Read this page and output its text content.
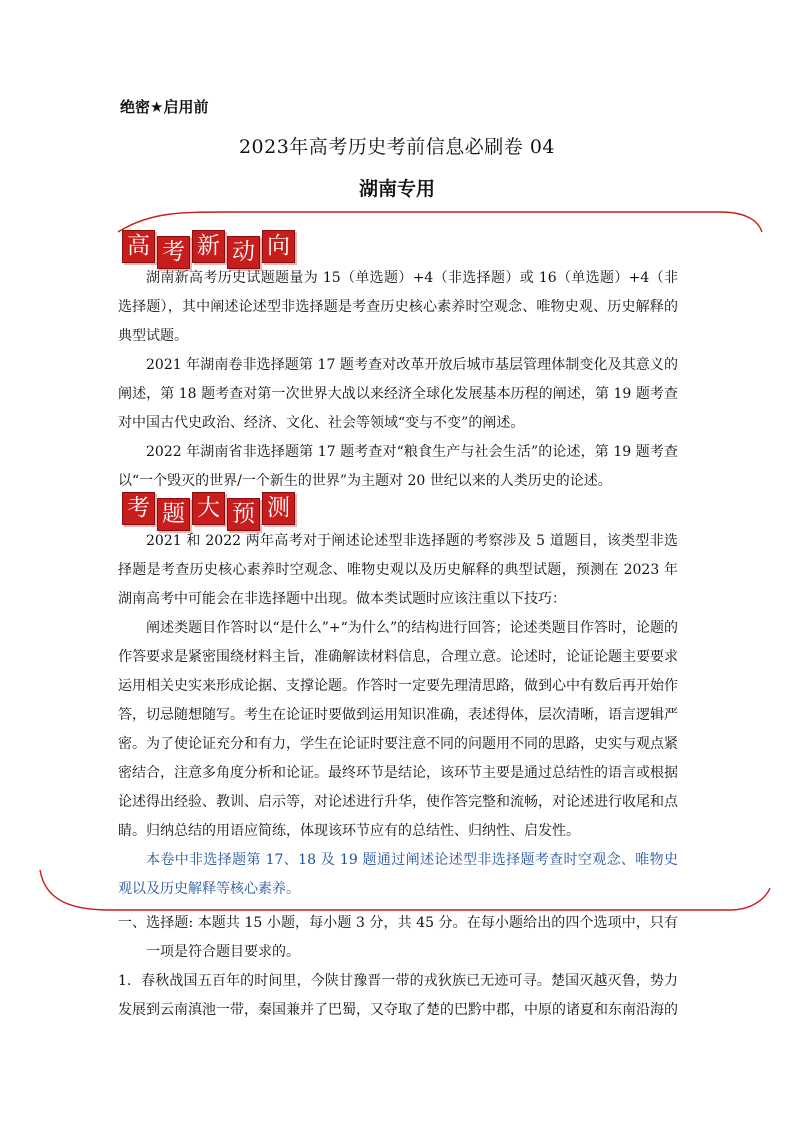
绝密★启用前
2023年高考历史考前信息必刷卷 04
湖南专用
高 考 新 动 向

湖南新高考历史试题题量为 15（单选题）+4（非选择题）或 16（单选题）+4（非选择题），其中阐述论述型非选择题是考查历史核心素养时空观念、唯物史观、历史解释的典型试题。

2021 年湖南卷非选择题第 17 题考查对改革开放后城市基层管理体制变化及其意义的阐述，第 18 题考查对第一次世界大战以来经济全球化发展基本历程的阐述，第 19 题考查对中国古代史政治、经济、文化、社会等领域“变与不变”的阐述。

2022 年湖南省非选择题第 17 题考查对“粮食生产与社会生活”的论述，第 19 题考查以“一个毁灭的世界/一个新生的世界”为主题对 20 世纪以来的人类历史的论述。

考 题 大 预 测

2021 和 2022 两年高考对于阐述论述型非选择题的考察涉及 5 道题目，该类型非选择题是考查历史核心素养时空观念、唯物史观以及历史解释的典型试题，预测在 2023 年湖南高考中可能会在非选择题中出现。做本类试题时应该注重以下技巧：

阐述类题目作答时以“是什么”+“为什么”的结构进行回答；论述类题目作答时，论题的作答要求是紧密围绕材料主旨，准确解读材料信息，合理立意。论述时，论证论题主要要求运用相关史实来形成论据、支撑论题。作答时一定要先理清思路，做到心中有数后再开始作答，切忌随想随写。考生在论证时要做到运用知识准确，表述得体，层次清晰，语言逻辑严密。为了使论证充分和有力，学生在论证时要注意不同的问题用不同的思路，史实与观点紧密结合，注意多角度分析和论证。最终环节是结论，该环节主要是通过总结性的语言或根据论述得出经验、教训、启示等，对论述进行升华，使作答完整和流畅，对论述进行收尾和点睛。归纳总结的用语应简练，体现该环节应有的总结性、归纳性、启发性。

本卷中非选择题第 17、18 及 19 题通过阐述论述型非选择题考查时空观念、唯物史观以及历史解释等核心素养。

一、选择题: 本题共 15 小题，每小题 3 分，共 45 分。在每小题给出的四个选项中，只有一项是符合题目要求的。

1．春秋战国五百年的时间里，今陕甘豫晋一带的戎狄族已无迹可寻。楚国灭越灭鲁，势力发展到云南滇池一带，秦国兼并了巴蜀，又夺取了楚的巴黔中郡，中原的诸夏和东南沿海的
